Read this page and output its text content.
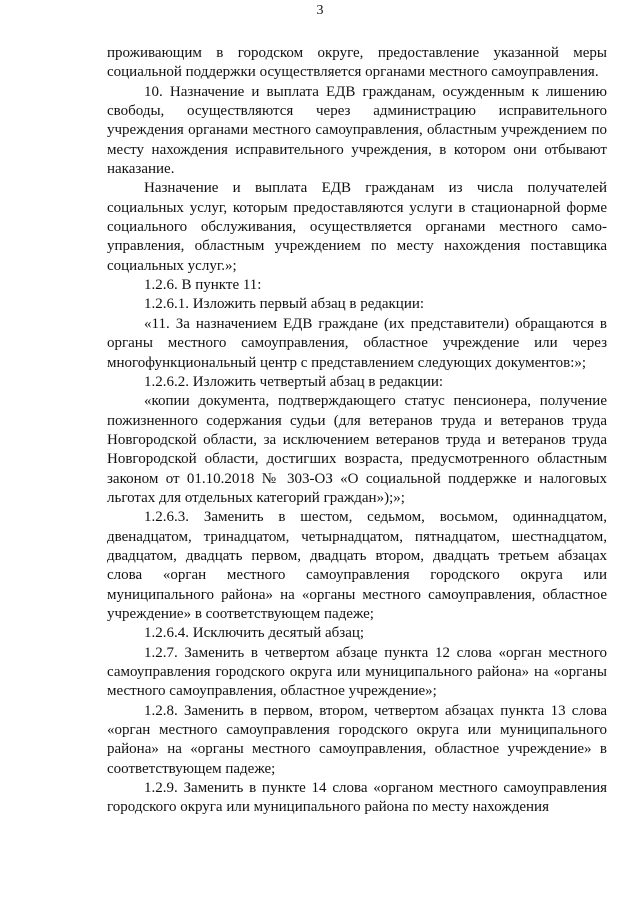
3

проживающим в городском округе, предоставление указанной меры социальной поддержки осуществляется органами местного самоуправления.

10. Назначение и выплата ЕДВ гражданам, осужденным к лишению свободы, осуществляются через администрацию исправительного учреждения органами местного самоуправления, областным учреждением по месту нахождения исправительного учреждения, в котором они отбывают наказание.

Назначение и выплата ЕДВ гражданам из числа получателей социальных услуг, которым предоставляются услуги в стационарной форме социального обслуживания, осуществляется органами местного само-управления, областным учреждением по месту нахождения поставщика социальных услуг.»;

1.2.6. В пункте 11:

1.2.6.1. Изложить первый абзац в редакции:

«11. За назначением ЕДВ граждане (их представители) обращаются в органы местного самоуправления, областное учреждение или через многофункциональный центр с представлением следующих документов:»;

1.2.6.2. Изложить четвертый абзац в редакции:

«копии документа, подтверждающего статус пенсионера, получение пожизненного содержания судьи (для ветеранов труда и ветеранов труда Новгородской области, за исключением ветеранов труда и ветеранов труда Новгородской области, достигших возраста, предусмотренного областным законом от 01.10.2018 № 303-ОЗ «О социальной поддержке и налоговых льготах для отдельных категорий граждан»);»;

1.2.6.3. Заменить в шестом, седьмом, восьмом, одиннадцатом, двенадцатом, тринадцатом, четырнадцатом, пятнадцатом, шестнадцатом, двадцатом, двадцать первом, двадцать втором, двадцать третьем абзацах слова «орган местного самоуправления городского округа или муниципального района» на «органы местного самоуправления, областное учреждение» в соответствующем падеже;

1.2.6.4. Исключить десятый абзац;

1.2.7. Заменить в четвертом абзаце пункта 12 слова «орган местного самоуправления городского округа или муниципального района» на «органы местного самоуправления, областное учреждение»;

1.2.8. Заменить в первом, втором, четвертом абзацах пункта 13 слова «орган местного самоуправления городского округа или муниципального района» на «органы местного самоуправления, областное учреждение» в соответствующем падеже;

1.2.9. Заменить в пункте 14 слова «органом местного самоуправления городского округа или муниципального района по месту нахождения
